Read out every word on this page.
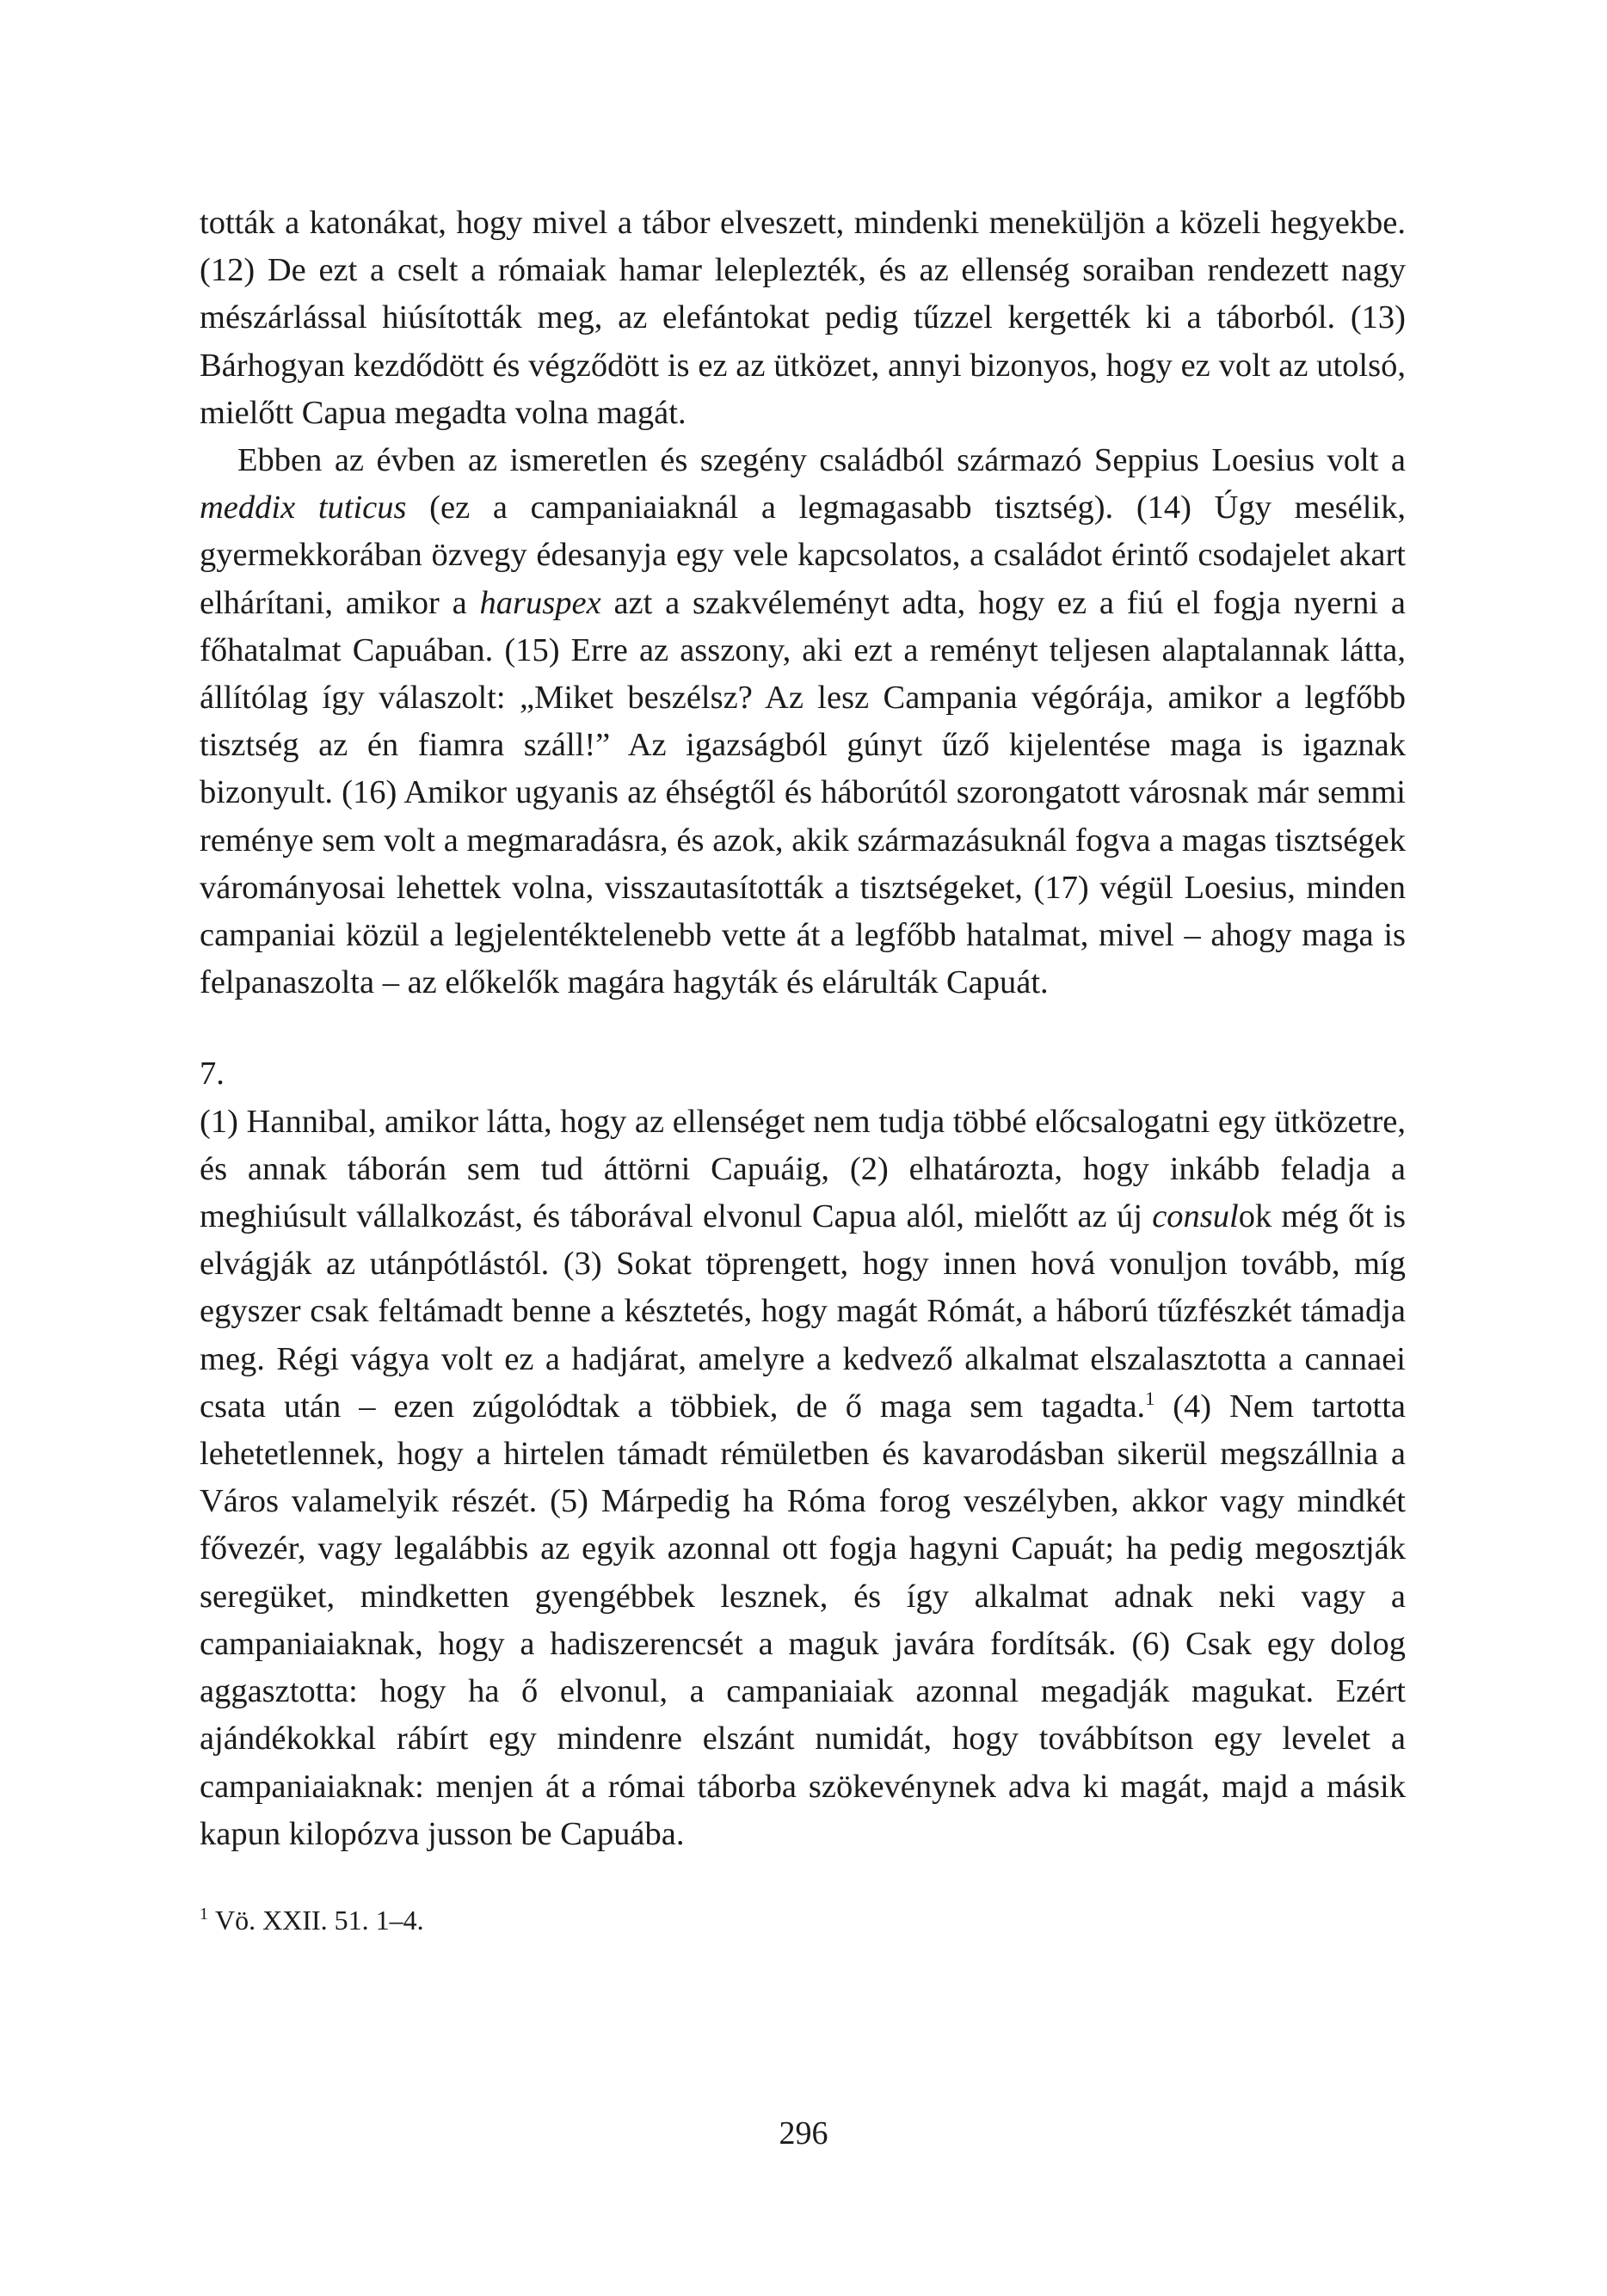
tották a katonákat, hogy mivel a tábor elveszett, mindenki meneküljön a közeli hegyekbe. (12) De ezt a cselt a rómaiak hamar leleplezték, és az ellenség soraiban rendezett nagy mészárlással hiúsították meg, az elefántokat pedig tűzzel kergették ki a táborból. (13) Bárhogyan kezdődött és végződött is ez az ütközet, annyi bizonyos, hogy ez volt az utolsó, mielőtt Capua megadta volna magát.

Ebben az évben az ismeretlen és szegény családból származó Seppius Loesius volt a meddix tuticus (ez a campaniaiaknál a legmagasabb tisztség). (14) Úgy mesélik, gyermekkorában özvegy édesanyja egy vele kapcsolatos, a családot érintő csodajelet akart elhárítani, amikor a haruspex azt a szakvéleményt adta, hogy ez a fiú el fogja nyerni a főhatalmat Capuában. (15) Erre az asszony, aki ezt a reményt teljesen alaptalannak látta, állítólag így válaszolt: „Miket beszélsz? Az lesz Campania végórája, amikor a legfőbb tisztség az én fiamra száll!” Az igazságból gúnyt űző kijelentése maga is igaznak bizonyult. (16) Amikor ugyanis az éhségtől és háborútól szorongatott városnak már semmi reménye sem volt a megmaradásra, és azok, akik származásuknál fogva a magas tisztségek várományosai lehettek volna, visszautasították a tisztségeket, (17) végül Loesius, minden campaniai közül a legjelentéktelenebb vette át a legfőbb hatalmat, mivel – ahogy maga is felpanaszolta – az előkelők magára hagyták és elárulták Capuát.

7.

(1) Hannibal, amikor látta, hogy az ellenséget nem tudja többé előcsalogatni egy ütközetre, és annak táborán sem tud áttörni Capuáig, (2) elhatározta, hogy inkább feladja a meghiúsult vállalkozást, és táborával elvonul Capua alól, mielőtt az új consulok még őt is elvágják az utánpótlástól. (3) Sokat töprengett, hogy innen hová vonuljon tovább, míg egyszer csak feltámadt benne a késztetés, hogy magát Rómát, a háború tűzfészkét támadja meg. Régi vágya volt ez a hadjárat, amelyre a kedvező alkalmat elszalasztotta a cannaei csata után – ezen zúgolódtak a többiek, de ő maga sem tagadta.$^1$ (4) Nem tartotta lehetetlennek, hogy a hirtelen támadt rémületben és kavarodásban sikerül megszállnia a Város valamelyik részét. (5) Márpedig ha Róma forog veszélyben, akkor vagy mindkét fővezér, vagy legalábbis az egyik azonnal ott fogja hagyni Capuát; ha pedig megosztják seregüket, mindketten gyengébbek lesznek, és így alkalmat adnak neki vagy a campaniaiaknak, hogy a hadiszerencsét a maguk javára fordítsák. (6) Csak egy dolog aggasztotta: hogy ha ő elvonul, a campaniaiak azonnal megadják magukat. Ezért ajándékokkal rábírt egy mindenre elszánt numidát, hogy továbbítson egy levelet a campaniaiaknak: menjen át a római táborba szökevénynek adva ki magát, majd a másik kapun kilopózva jusson be Capuába.

$^1$ Vö. XXII. 51. 1–4.

296
